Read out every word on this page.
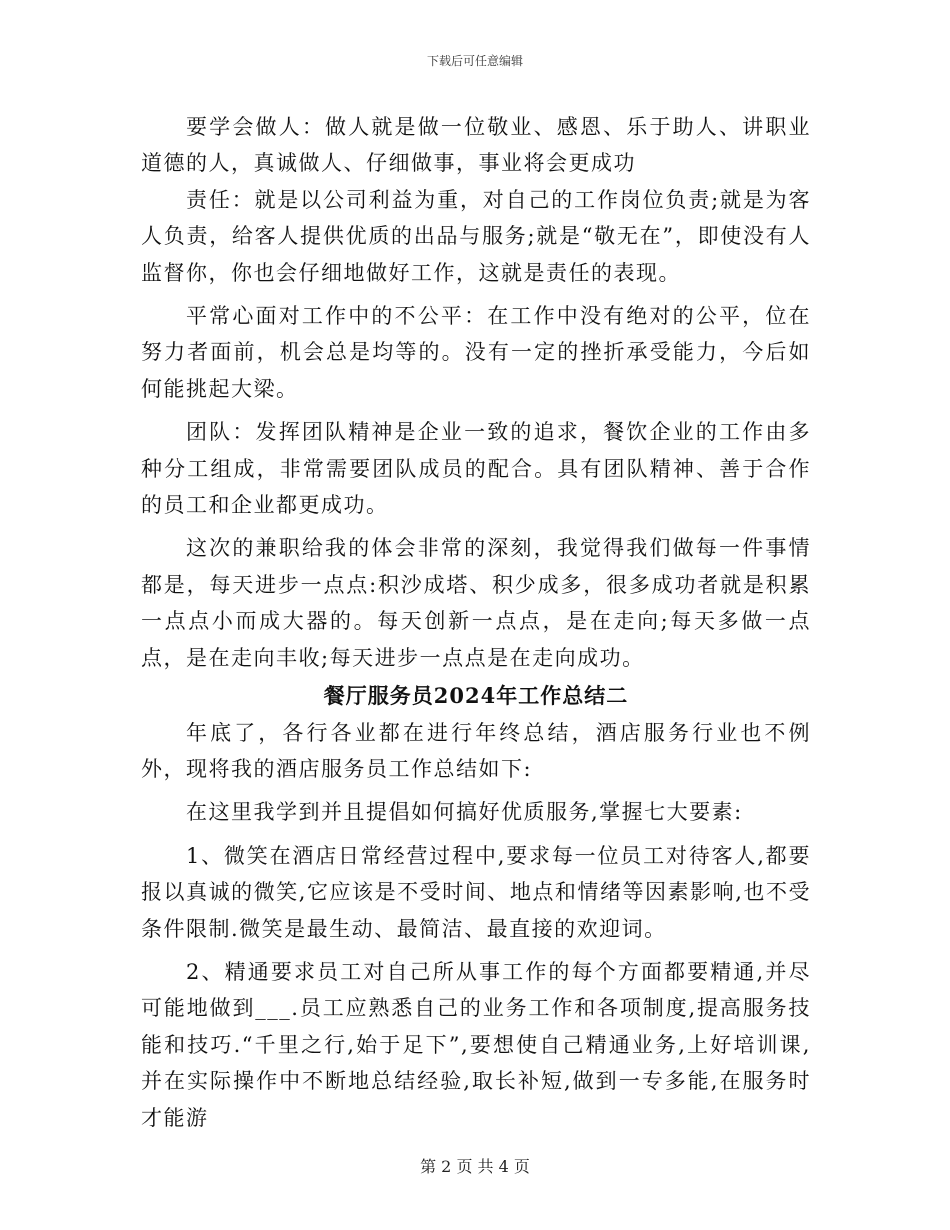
下载后可任意编辑

要学会做人：做人就是做一位敬业、感恩、乐于助人、讲职业道德的人，真诚做人、仔细做事，事业将会更成功

责任：就是以公司利益为重，对自己的工作岗位负责;就是为客人负责，给客人提供优质的出品与服务;就是“敬无在”，即使没有人监督你，你也会仔细地做好工作，这就是责任的表现。

平常心面对工作中的不公平：在工作中没有绝对的公平，位在努力者面前，机会总是均等的。没有一定的挫折承受能力，今后如何能挑起大梁。

团队：发挥团队精神是企业一致的追求，餐饮企业的工作由多种分工组成，非常需要团队成员的配合。具有团队精神、善于合作的员工和企业都更成功。

这次的兼职给我的体会非常的深刻，我觉得我们做每一件事情都是，每天进步一点点:积沙成塔、积少成多，很多成功者就是积累一点点小而成大器的。每天创新一点点，是在走向;每天多做一点点，是在走向丰收;每天进步一点点是在走向成功。

餐厅服务员2024年工作总结二

年底了，各行各业都在进行年终总结，酒店服务行业也不例外，现将我的酒店服务员工作总结如下:

在这里我学到并且提倡如何搞好优质服务,掌握七大要素:

1、微笑在酒店日常经营过程中,要求每一位员工对待客人,都要报以真诚的微笑,它应该是不受时间、地点和情绪等因素影响,也不受条件限制.微笑是最生动、最简洁、最直接的欢迎词。

2、精通要求员工对自己所从事工作的每个方面都要精通,并尽可能地做到___.员工应熟悉自己的业务工作和各项制度,提高服务技能和技巧.“千里之行,始于足下”,要想使自己精通业务,上好培训课,并在实际操作中不断地总结经验,取长补短,做到一专多能,在服务时才能游

第 2 页 共 4 页
